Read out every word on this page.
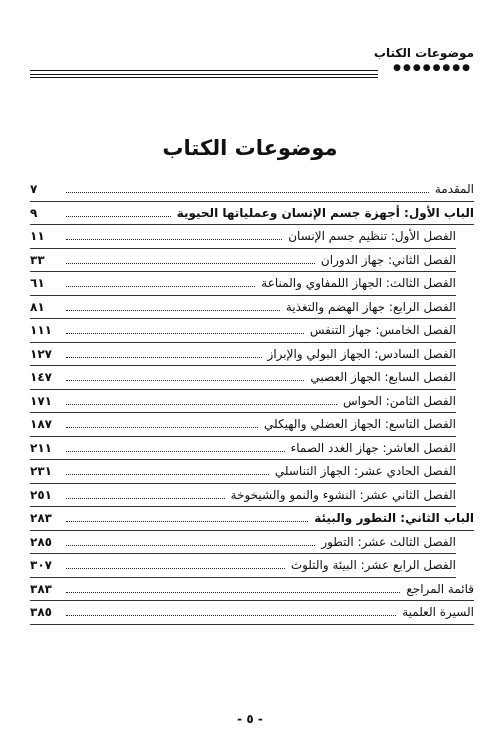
موضوعات الكتاب
●●●●●●●●
موضوعات الكتاب
المقدمة
٧
الباب الأول: أجهزة جسم الإنسان وعملياتها الحيوية
٩
الفصل الأول: تنظيم جسم الإنسان
١١
الفصل الثاني: جهاز الدوران
٣٣
الفصل الثالث: الجهاز اللمفاوي والمناعة
٦١
الفصل الرابع: جهاز الهضم والتغذية
٨١
الفصل الخامس: جهاز التنفس
١١١
الفصل السادس: الجهاز البولي والإبراز
١٢٧
الفصل السابع: الجهاز العصبي
١٤٧
الفصل الثامن: الحواس
١٧١
الفصل التاسع: الجهاز العضلي والهيكلي
١٨٧
الفصل العاشر: جهاز الغدد الصماء
٢١١
الفصل الحادي عشر: الجهاز التناسلي
٢٣١
الفصل الثاني عشر: النشوء والنمو والشيخوخة
٢٥١
الباب الثاني: التطور والبيئة
٢٨٣
الفصل الثالث عشر: التطور
٢٨٥
الفصل الرابع عشر: البيئة والتلوث
٣٠٧
قائمة المراجع
٣٨٣
السيرة العلمية
٣٨٥
- ٥ -
